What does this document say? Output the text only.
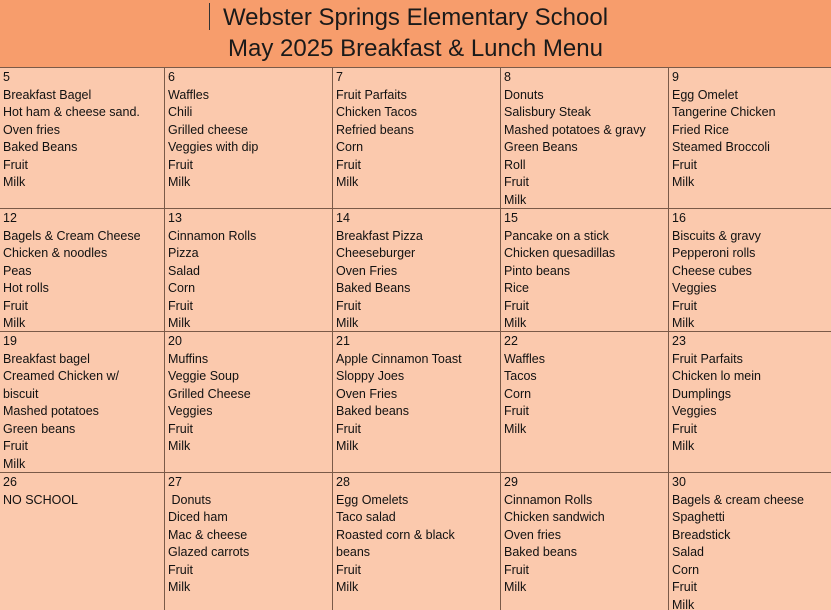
Webster Springs Elementary School
May 2025 Breakfast & Lunch Menu
5
Breakfast Bagel
Hot ham & cheese sand.
Oven fries
Baked Beans
Fruit
Milk
6
Waffles
Chili
Grilled cheese
Veggies with dip
Fruit
Milk
7
Fruit Parfaits
Chicken Tacos
Refried beans
Corn
Fruit
Milk
8
Donuts
Salisbury Steak
Mashed potatoes & gravy
Green Beans
Roll
Fruit
Milk
9
Egg Omelet
Tangerine Chicken
Fried Rice
Steamed Broccoli
Fruit
Milk
12
Bagels & Cream Cheese
Chicken & noodles
Peas
Hot rolls
Fruit
Milk
13
Cinnamon Rolls
Pizza
Salad
Corn
Fruit
Milk
14
Breakfast Pizza
Cheeseburger
Oven Fries
Baked Beans
Fruit
Milk
15
Pancake on a stick
Chicken quesadillas
Pinto beans
Rice
Fruit
Milk
16
Biscuits & gravy
Pepperoni rolls
Cheese cubes
Veggies
Fruit
Milk
19
Breakfast bagel
Creamed Chicken w/
biscuit
Mashed potatoes
Green beans
Fruit
Milk
20
Muffins
Veggie Soup
Grilled Cheese
Veggies
Fruit
Milk
21
Apple Cinnamon Toast
Sloppy Joes
Oven Fries
Baked beans
Fruit
Milk
22
Waffles
Tacos
Corn
Fruit
Milk
23
Fruit Parfaits
Chicken lo mein
Dumplings
Veggies
Fruit
Milk
26
NO SCHOOL
27
Donuts
Diced ham
Mac & cheese
Glazed carrots
Fruit
Milk
28
Egg Omelets
Taco salad
Roasted corn & black
beans
Fruit
Milk
29
Cinnamon Rolls
Chicken sandwich
Oven fries
Baked beans
Fruit
Milk
30
Bagels & cream cheese
Spaghetti
Breadstick
Salad
Corn
Fruit
Milk
